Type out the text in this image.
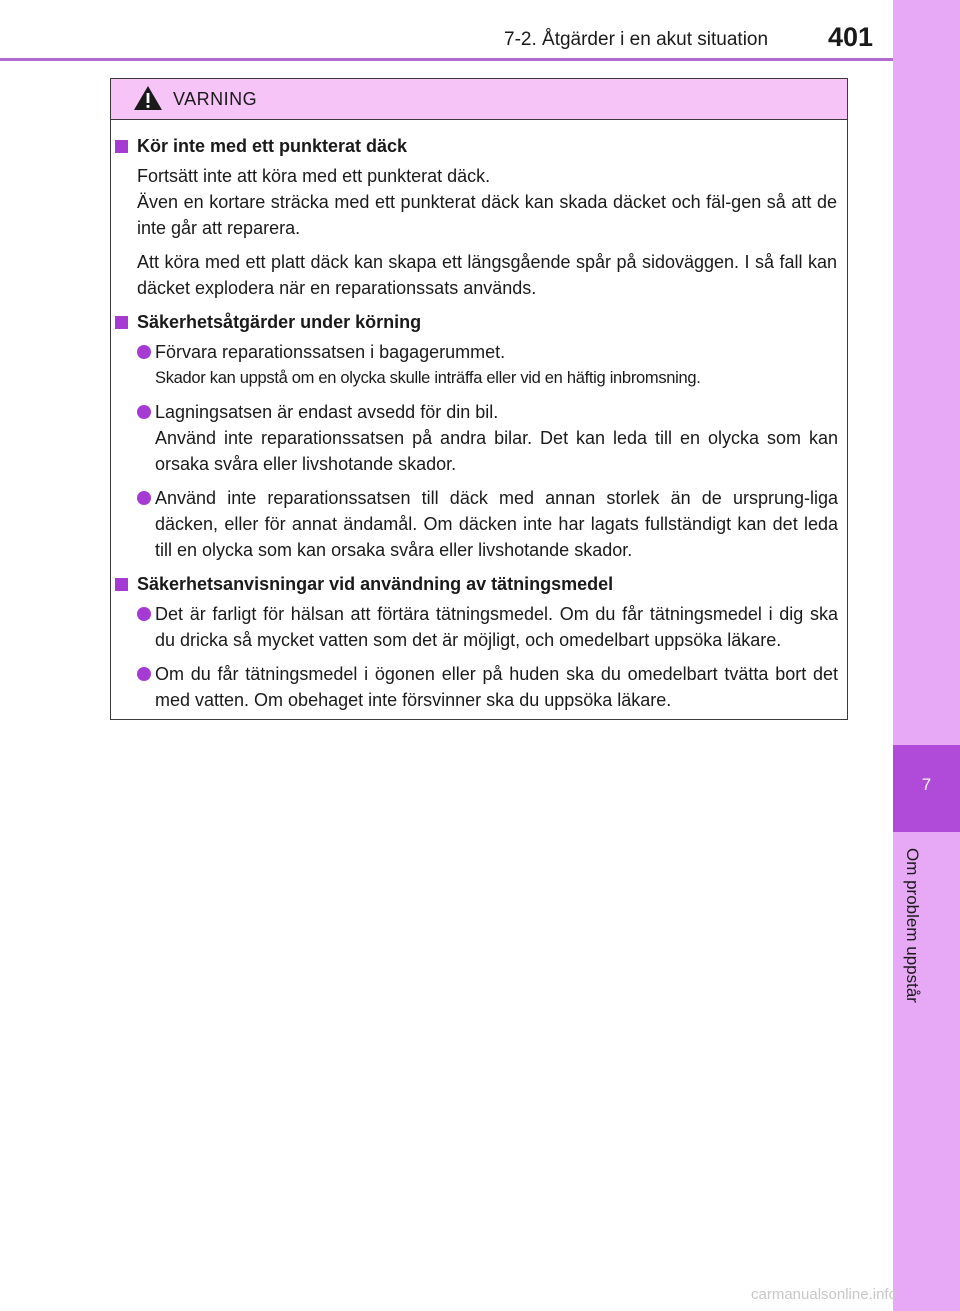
7-2. Åtgärder i en akut situation 401
7
Om problem uppstår
VARNING
Kör inte med ett punkterat däck
Fortsätt inte att köra med ett punkterat däck.
Även en kortare sträcka med ett punkterat däck kan skada däcket och fäl-gen så att de inte går att reparera.
Att köra med ett platt däck kan skapa ett längsgående spår på sidoväggen. I så fall kan däcket explodera när en reparationssats används.
Säkerhetsåtgärder under körning
Förvara reparationssatsen i bagagerummet.
Skador kan uppstå om en olycka skulle inträffa eller vid en häftig inbromsning.
Lagningsatsen är endast avsedd för din bil.
Använd inte reparationssatsen på andra bilar. Det kan leda till en olycka som kan orsaka svåra eller livshotande skador.
Använd inte reparationssatsen till däck med annan storlek än de ursprung-liga däcken, eller för annat ändamål. Om däcken inte har lagats fullständigt kan det leda till en olycka som kan orsaka svåra eller livshotande skador.
Säkerhetsanvisningar vid användning av tätningsmedel
Det är farligt för hälsan att förtära tätningsmedel. Om du får tätningsmedel i dig ska du dricka så mycket vatten som det är möjligt, och omedelbart uppsöka läkare.
Om du får tätningsmedel i ögonen eller på huden ska du omedelbart tvätta bort det med vatten. Om obehaget inte försvinner ska du uppsöka läkare.
carmanualsonline.info
